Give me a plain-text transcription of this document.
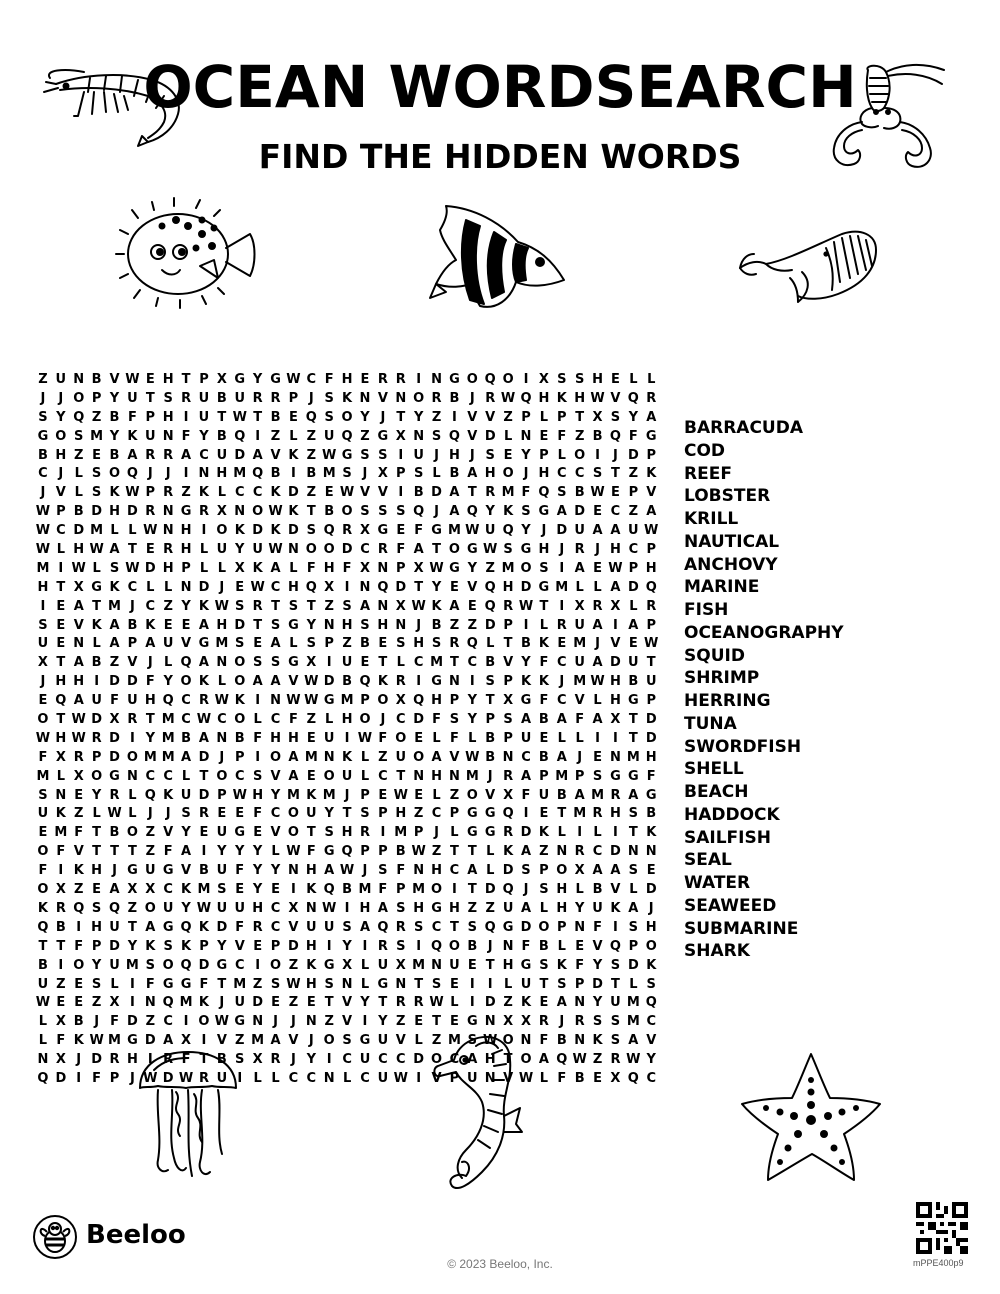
OCEAN WORDSEARCH
FIND THE HIDDEN WORDS
Z U N B V W E H T P X G Y G W C F H E R R I N G O Q O I X S S H E L L
J	J O P Y U T S R U B U R R P J S K N V N O R B J R W Q H K H W V Q R
S Y Q Z B F P H I U T W T B E Q S O Y J T Y Z I V V Z P L P T X S Y A
G O S M Y K U N F Y B Q I Z L Z U Q Z G X N S Q V D L N E F Z B Q F G
B H Z E B A R R A C U D A V K Z W G S S I U J H J S E Y P L O I	J D P
C J L S O Q J	J	I N H M Q B I B M S J X P S L B A H O J H C C S T Z K
J V L S K W P R Z K L C C K D Z E W V V I B D A T R M F Q S B W E P V
W P B D H D R N G R X N O W K T B O S S S Q J A Q Y K S G A D E C Z A
W C D M L L W N H I O K D K D S Q R X G E F G M W U Q Y J D U A A U W
W L H W A T E R H L U Y U W N O O D C R F A T O G W S G H J R J H C P
M I W L S W D H P L L X K A L F H F X N P X W G Y Z M O S I A E W P H
H T X G K C L L N D J E W C H Q X I N Q D T Y E V Q H D G M L L A D Q
I E A T M J C Z Y K W S R T S T Z S A N X W K A E Q R W T I X R X L R
S E V K A B K E E A H D T S G Y N H S H N J B Z Z D P I L R U A I A P
U E N L A P A U V G M S E A L S P Z B E S H S R Q L T B K E M J V E W
X T A B Z V J L Q A N O S S G X I U E T L C M T C B V Y F C U A D U T
J H H I D D F Y O K L O A A V W D B Q K R I G N I S P K K J M W H B U
E Q A U F U H Q C R W K I N W W G M P O X Q H P Y T X G F C V L H G P
O T W D X R T M C W C O L C F Z L H O J C D F S Y P S A B A F A X T D
W H W R D I Y M B A N B F H H E U I W F O E L F L B P U E L L I	I T D
F X R P D O M M A D J P I O A M N K L Z U O A V W B N C B A J E N M H
M L X O G N C C L T O C S V A E O U L C T N H N M J R A P M P S G G F
S N E Y R L Q K U D P W H Y M K M J P E W E L Z O V X F U B A M R A G
U K Z L W L J	J S R E E F C O U Y T S P H Z C P G G Q I E T M R H S B
E M F T B O Z V Y E U G E V O T S H R I M P J L G G R D K L I L I T K
O F V T T T Z F A I Y Y Y L W F G Q P P B W Z T T L K A Z N R C D N N
F I K H J G U G V B U F Y Y N H A W J S F N H C A L D S P O X A A S E
O X Z E A X X C K M S E Y E I K Q B M F P M O I T D Q J S H L B V L D
K R Q S Q Z O U Y W U U H C X N W I H A S H G H Z Z U A L H Y U K A J
Q B I H U T A G Q K D F R C V U U S A Q R S C T S Q G D O P N F I S H
T T F P D Y K S K P Y V E P D H I Y I R S I Q O B J N F B L E V Q P O
B I O Y U M S O Q D G C I O Z K G X L U X M N U E T H G S K F Y S D K
U Z E S L I F G G F T M Z S W H S N L G N T S E I	I L U T S P D T L S
W E E Z X I N Q M K J U D E Z E T V Y T R R W L I D Z K E A N Y U M Q
L X B J F D Z C I O W G N J	J N Z V I Y Z E T E G N X X R J R S S M C
L F K W M G D A X I V Z M A V J O S G U V L Z M S W O N F B N K S A V
N X J D R H I R F T B S X R J Y I C U C C D O C A H T O A Q W Z R W Y
Q D I F P J W D W R U I L L C C N L C U W I V P U N V W L F B E X Q C
BARRACUDA
COD
REEF
LOBSTER
KRILL
NAUTICAL
ANCHOVY
MARINE
FISH
OCEANOGRAPHY
SQUID
SHRIMP
HERRING
TUNA
SWORDFISH
SHELL
BEACH
HADDOCK
SAILFISH
SEAL
WATER
SEAWEED
SUBMARINE
SHARK
Beeloo
© 2023 Beeloo, Inc.	mPPE400p9
